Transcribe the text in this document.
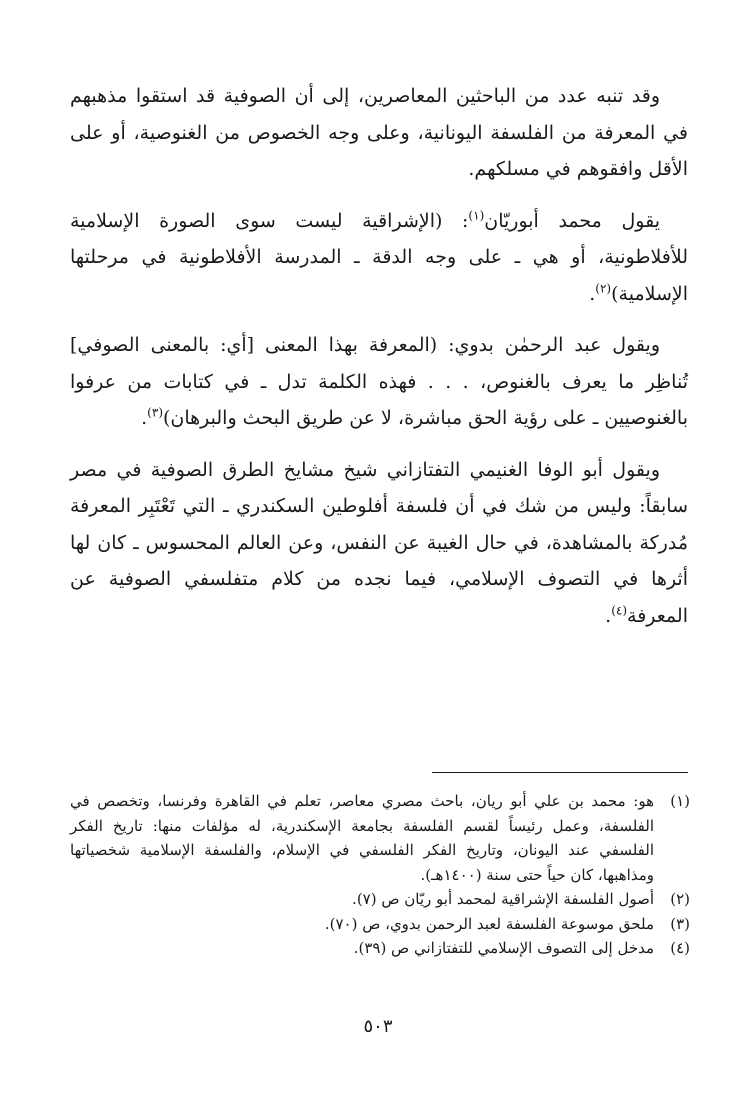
وقد تنبه عدد من الباحثين المعاصرين، إلى أن الصوفية قد استقوا مذهبهم في المعرفة من الفلسفة اليونانية، وعلى وجه الخصوص من الغنوصية، أو على الأقل وافقوهم في مسلكهم.

يقول محمد أبوريّان$^{(١)}$: (الإشراقية ليست سوى الصورة الإسلامية للأفلاطونية، أو هي ـ على وجه الدقة ـ المدرسة الأفلاطونية في مرحلتها الإسلامية)$^{(٢)}$.

ويقول عبد الرحمٰن بدوي: (المعرفة بهذا المعنى [أي: بالمعنى الصوفي] تُناظِر ما يعرف بالغنوص، . . . فهذه الكلمة تدل ـ في كتابات من عرفوا بالغنوصيين ـ على رؤية الحق مباشرة، لا عن طريق البحث والبرهان)$^{(٣)}$.

ويقول أبو الوفا الغنيمي التفتازاني شيخ مشايخ الطرق الصوفية في مصر سابقاً: وليس من شك في أن فلسفة أفلوطين السكندري ـ التي تَعْتَبِر المعرفة مُدركة بالمشاهدة، في حال الغيبة عن النفس، وعن العالم المحسوس ـ كان لها أثرها في التصوف الإسلامي، فيما نجده من كلام متفلسفي الصوفية عن المعرفة$^{(٤)}$.

(١)
هو: محمد بن علي أبو ريان، باحث مصري معاصر، تعلم في القاهرة وفرنسا، وتخصص في الفلسفة، وعمل رئيساً لقسم الفلسفة بجامعة الإسكندرية، له مؤلفات منها: تاريخ الفكر الفلسفي عند اليونان، وتاريخ الفكر الفلسفي في الإسلام، والفلسفة الإسلامية شخصياتها ومذاهبها، كان حياً حتى سنة (١٤٠٠هـ).
(٢)
أصول الفلسفة الإشراقية لمحمد أبو ريّان ص (٧).
(٣)
ملحق موسوعة الفلسفة لعبد الرحمن بدوي، ص (٧٠).
(٤)
مدخل إلى التصوف الإسلامي للتفتازاني ص (٣٩).
٥٠٣
